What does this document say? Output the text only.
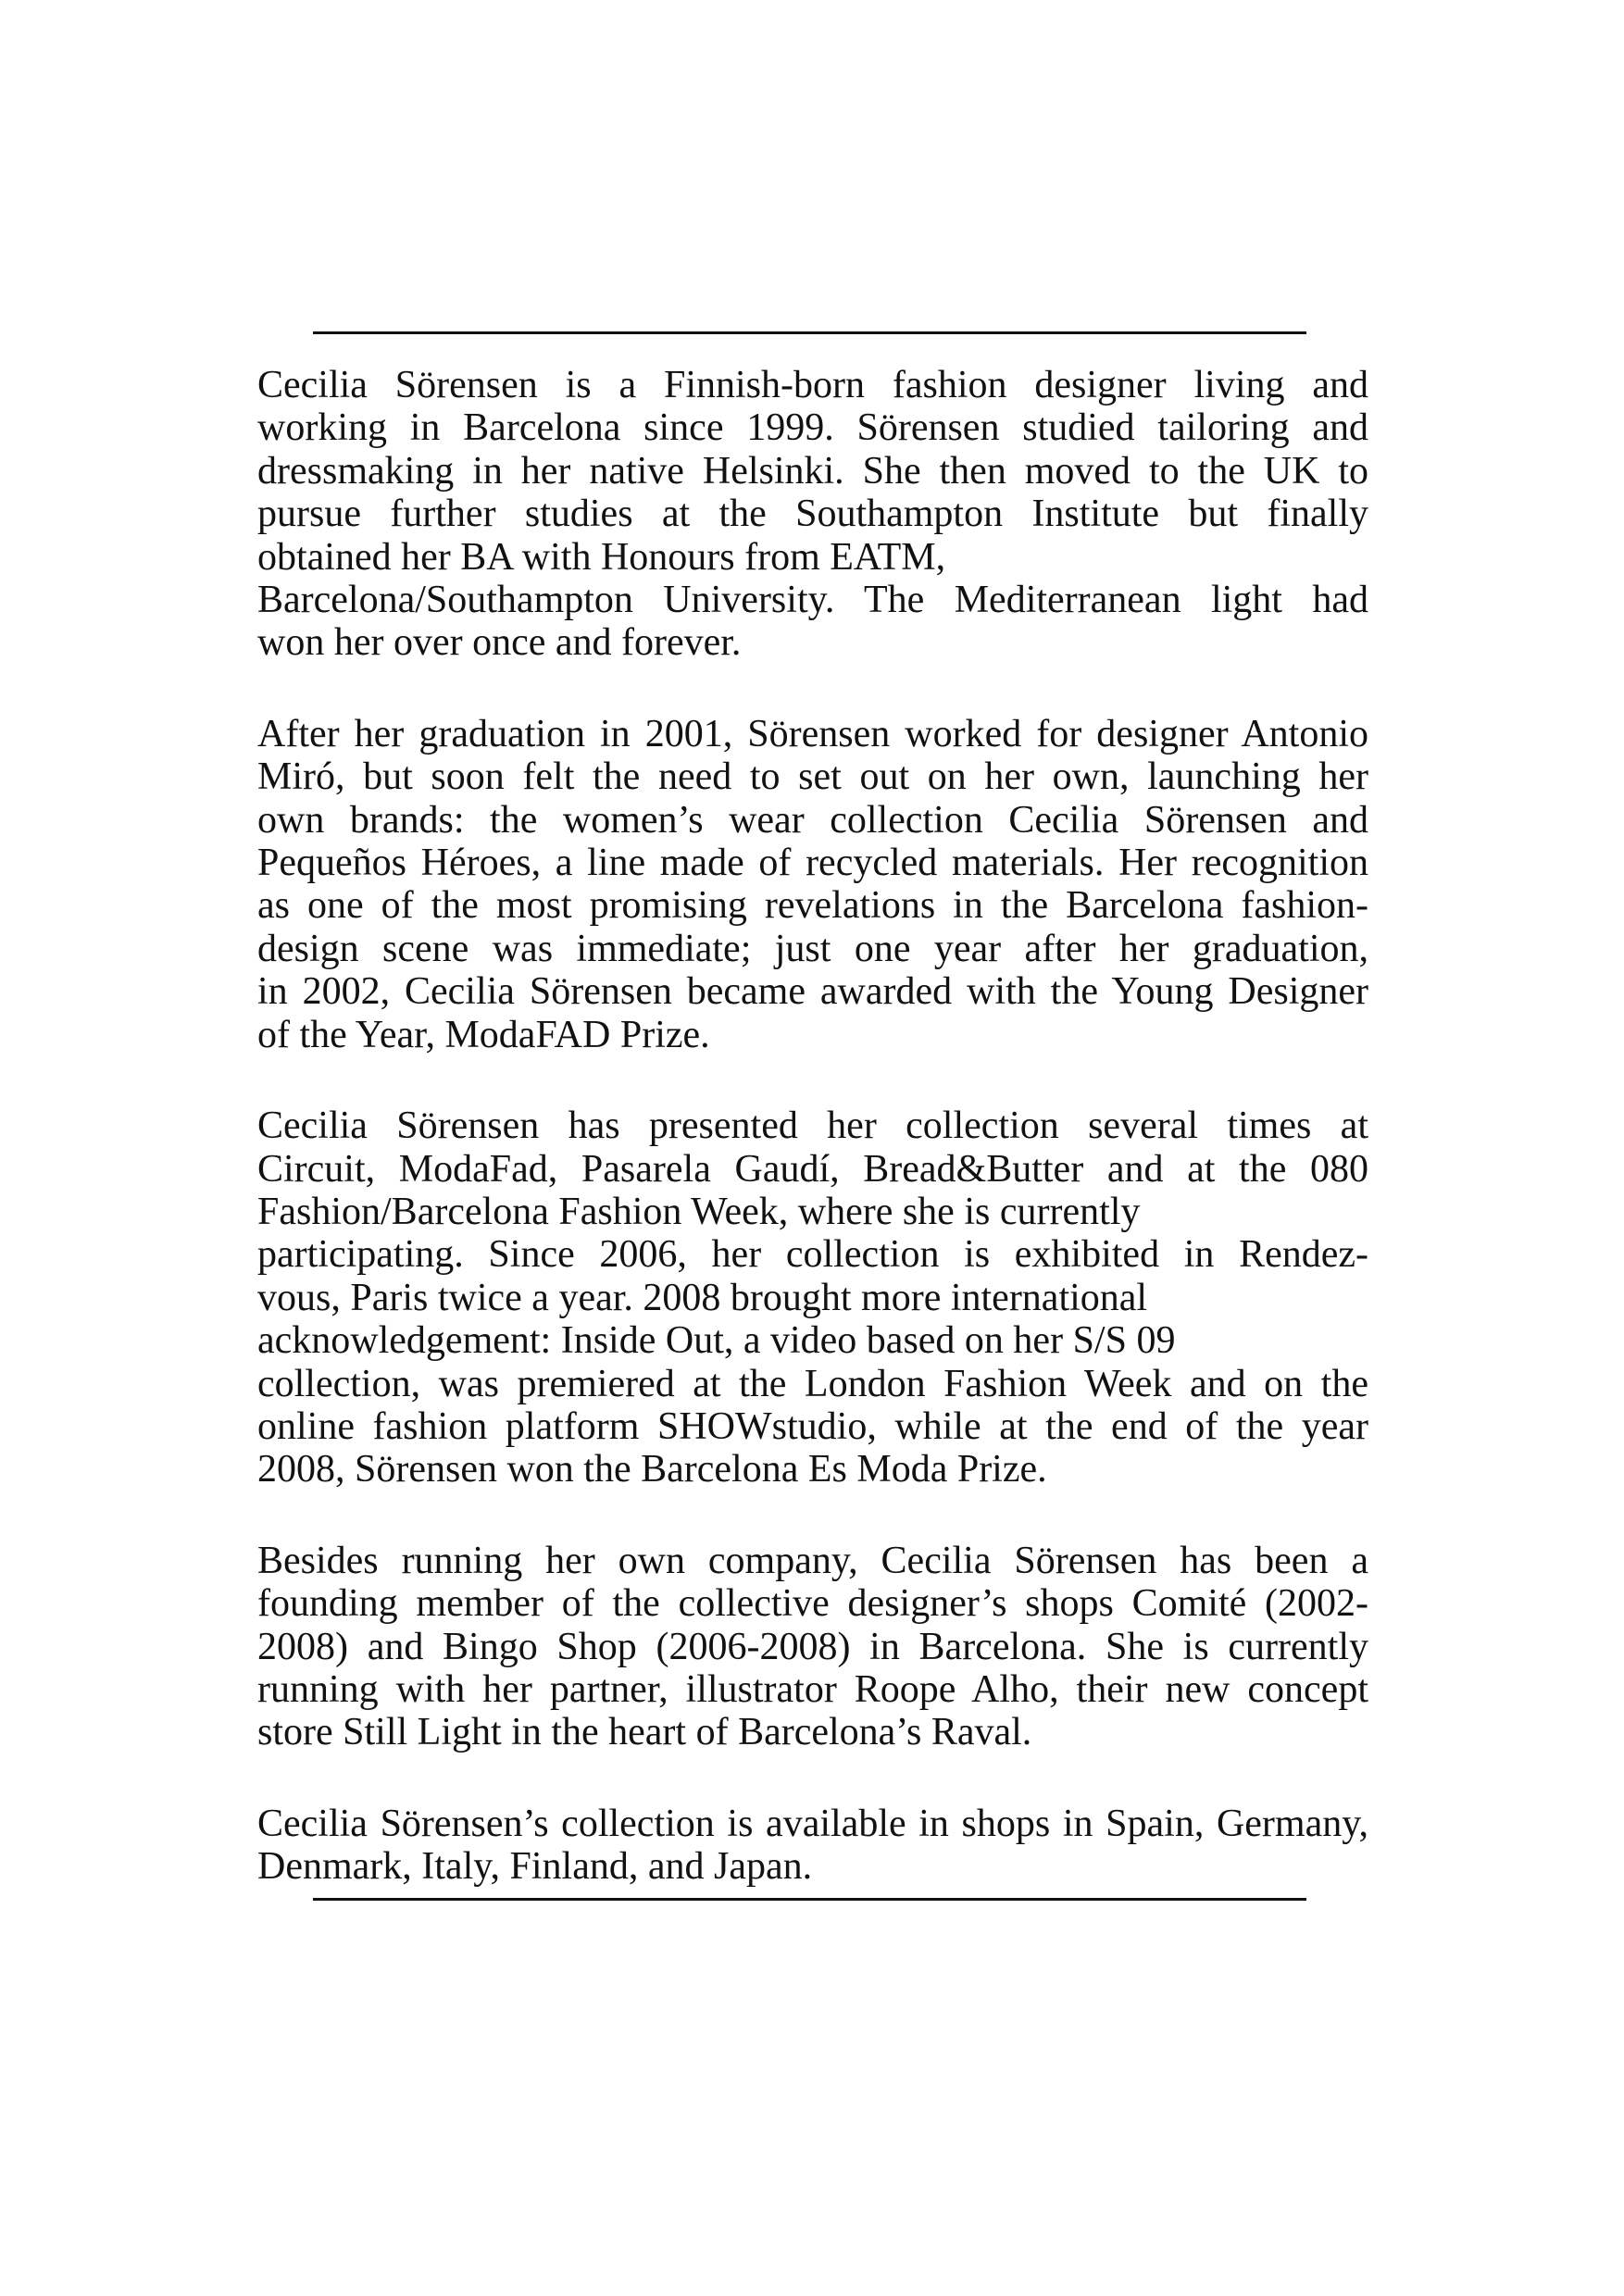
Cecilia Sörensen is a Finnish-born fashion designer living and
working in Barcelona since 1999. Sörensen studied tailoring and
dressmaking in her native Helsinki. She then moved to the UK to
pursue further studies at the Southampton Institute but finally
obtained her BA with Honours from EATM,
Barcelona/Southampton University. The Mediterranean light had
won her over once and forever.
After her graduation in 2001, Sörensen worked for designer Antonio
Miró, but soon felt the need to set out on her own, launching her
own brands: the women’s wear collection Cecilia Sörensen and
Pequeños Héroes, a line made of recycled materials. Her recognition
as one of the most promising revelations in the Barcelona fashion-
design scene was immediate; just one year after her graduation,
in 2002, Cecilia Sörensen became awarded with the Young Designer
of the Year, ModaFAD Prize.
Cecilia Sörensen has presented her collection several times at
Circuit, ModaFad, Pasarela Gaudí, Bread&Butter and at the 080
Fashion/Barcelona Fashion Week, where she is currently
participating. Since 2006, her collection is exhibited in Rendez-
vous, Paris twice a year. 2008 brought more international
acknowledgement: Inside Out, a video based on her S/S 09
collection, was premiered at the London Fashion Week and on the
online fashion platform SHOWstudio, while at the end of the year
2008, Sörensen won the Barcelona Es Moda Prize.
Besides running her own company, Cecilia Sörensen has been a
founding member of the collective designer’s shops Comité (2002-
2008) and Bingo Shop (2006-2008) in Barcelona. She is currently
running with her partner, illustrator Roope Alho, their new concept
store Still Light in the heart of Barcelona’s Raval.
Cecilia Sörensen’s collection is available in shops in Spain, Germany,
Denmark, Italy, Finland, and Japan.
